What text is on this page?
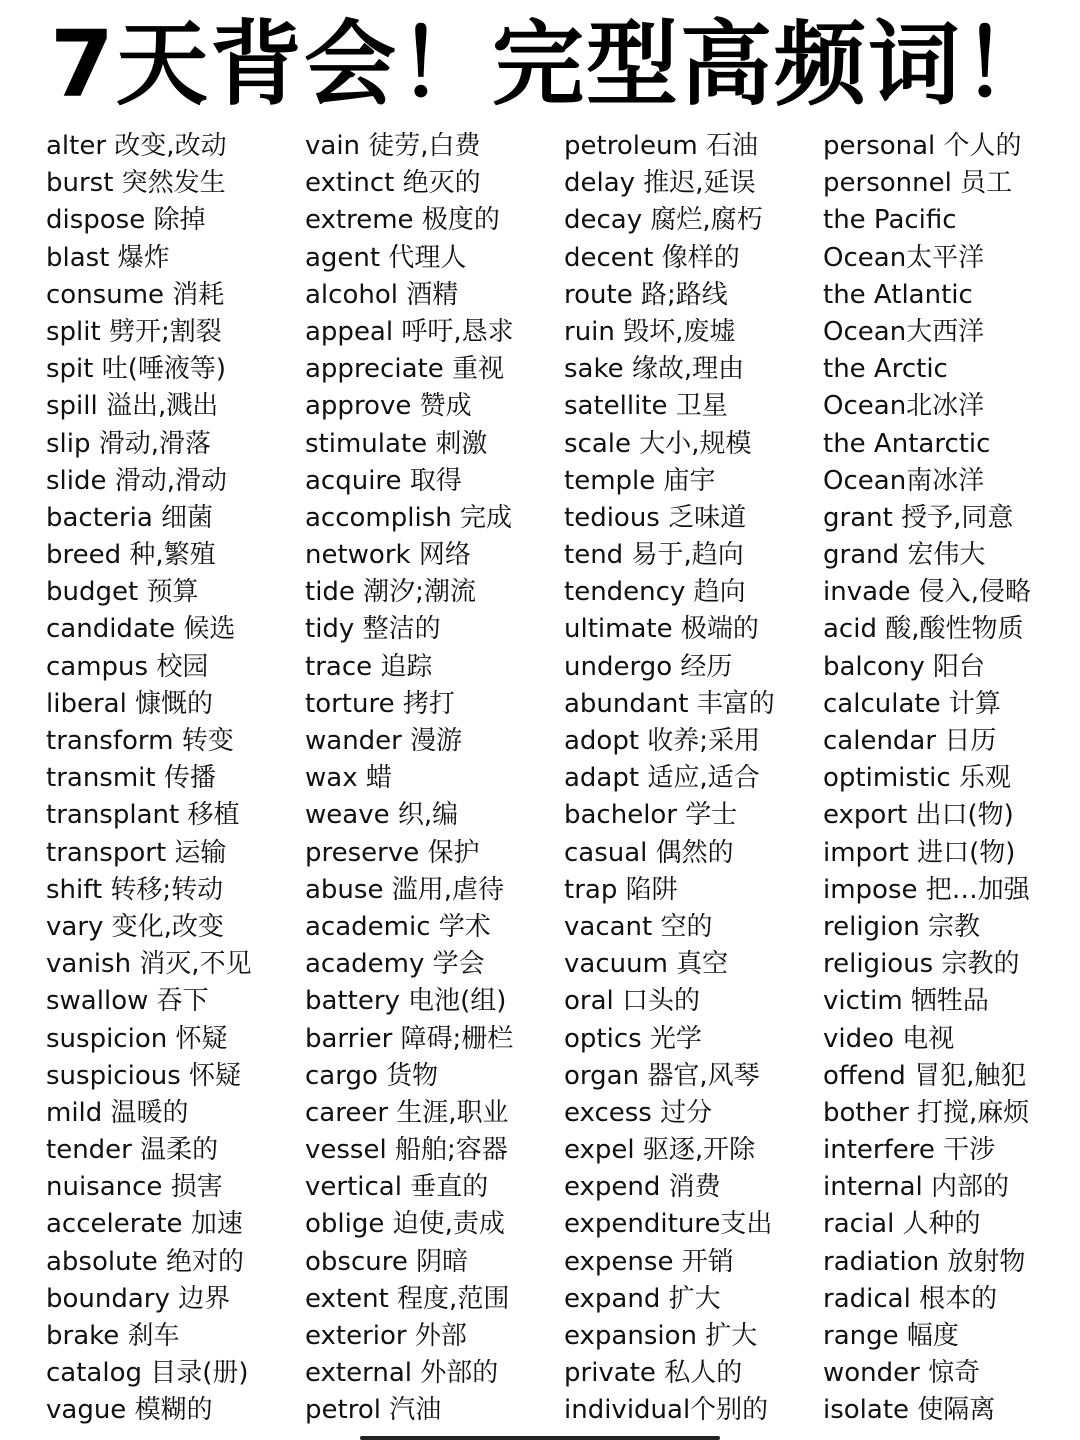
7天背会！完型高频词！
alter 改变,改动
burst 突然发生
dispose 除掉
blast 爆炸
consume 消耗
split 劈开;割裂
spit 吐(唾液等)
spill 溢出,溅出
slip 滑动,滑落
slide 滑动,滑动
bacteria 细菌
breed 种,繁殖
budget 预算
candidate 候选
campus 校园
liberal 慷慨的
transform 转变
transmit 传播
transplant 移植
transport 运输
shift 转移;转动
vary 变化,改变
vanish 消灭,不见
swallow 吞下
suspicion 怀疑
suspicious 怀疑
mild 温暖的
tender 温柔的
nuisance 损害
accelerate 加速
absolute 绝对的
boundary 边界
brake 刹车
catalog 目录(册)
vague 模糊的
vain 徒劳,白费
extinct 绝灭的
extreme 极度的
agent 代理人
alcohol 酒精
appeal 呼吁,恳求
appreciate 重视
approve 赞成
stimulate 刺激
acquire 取得
accomplish 完成
network 网络
tide 潮汐;潮流
tidy 整洁的
trace 追踪
torture 拷打
wander 漫游
wax 蜡
weave 织,编
preserve 保护
abuse 滥用,虐待
academic 学术
academy 学会
battery 电池(组)
barrier 障碍;栅栏
cargo 货物
career 生涯,职业
vessel 船舶;容器
vertical 垂直的
oblige 迫使,责成
obscure 阴暗
extent 程度,范围
exterior 外部
external 外部的
petrol 汽油
petroleum 石油
delay 推迟,延误
decay 腐烂,腐朽
decent 像样的
route 路;路线
ruin 毁坏,废墟
sake 缘故,理由
satellite 卫星
scale 大小,规模
temple 庙宇
tedious 乏味道
tend 易于,趋向
tendency 趋向
ultimate 极端的
undergo 经历
abundant 丰富的
adopt 收养;采用
adapt 适应,适合
bachelor 学士
casual 偶然的
trap 陷阱
vacant 空的
vacuum 真空
oral 口头的
optics 光学
organ 器官,风琴
excess 过分
expel 驱逐,开除
expend 消费
expenditure支出
expense 开销
expand 扩大
expansion 扩大
private 私人的
individual个别的
personal 个人的
personnel 员工
the Pacific
Ocean太平洋
the Atlantic
Ocean大西洋
the Arctic
Ocean北冰洋
the Antarctic
Ocean南冰洋
grant 授予,同意
grand 宏伟大
invade 侵入,侵略
acid 酸,酸性物质
balcony 阳台
calculate 计算
calendar 日历
optimistic 乐观
export 出口(物)
import 进口(物)
impose 把…加强
religion 宗教
religious 宗教的
victim 牺牲品
video 电视
offend 冒犯,触犯
bother 打搅,麻烦
interfere 干涉
internal 内部的
racial 人种的
radiation 放射物
radical 根本的
range 幅度
wonder 惊奇
isolate 使隔离
